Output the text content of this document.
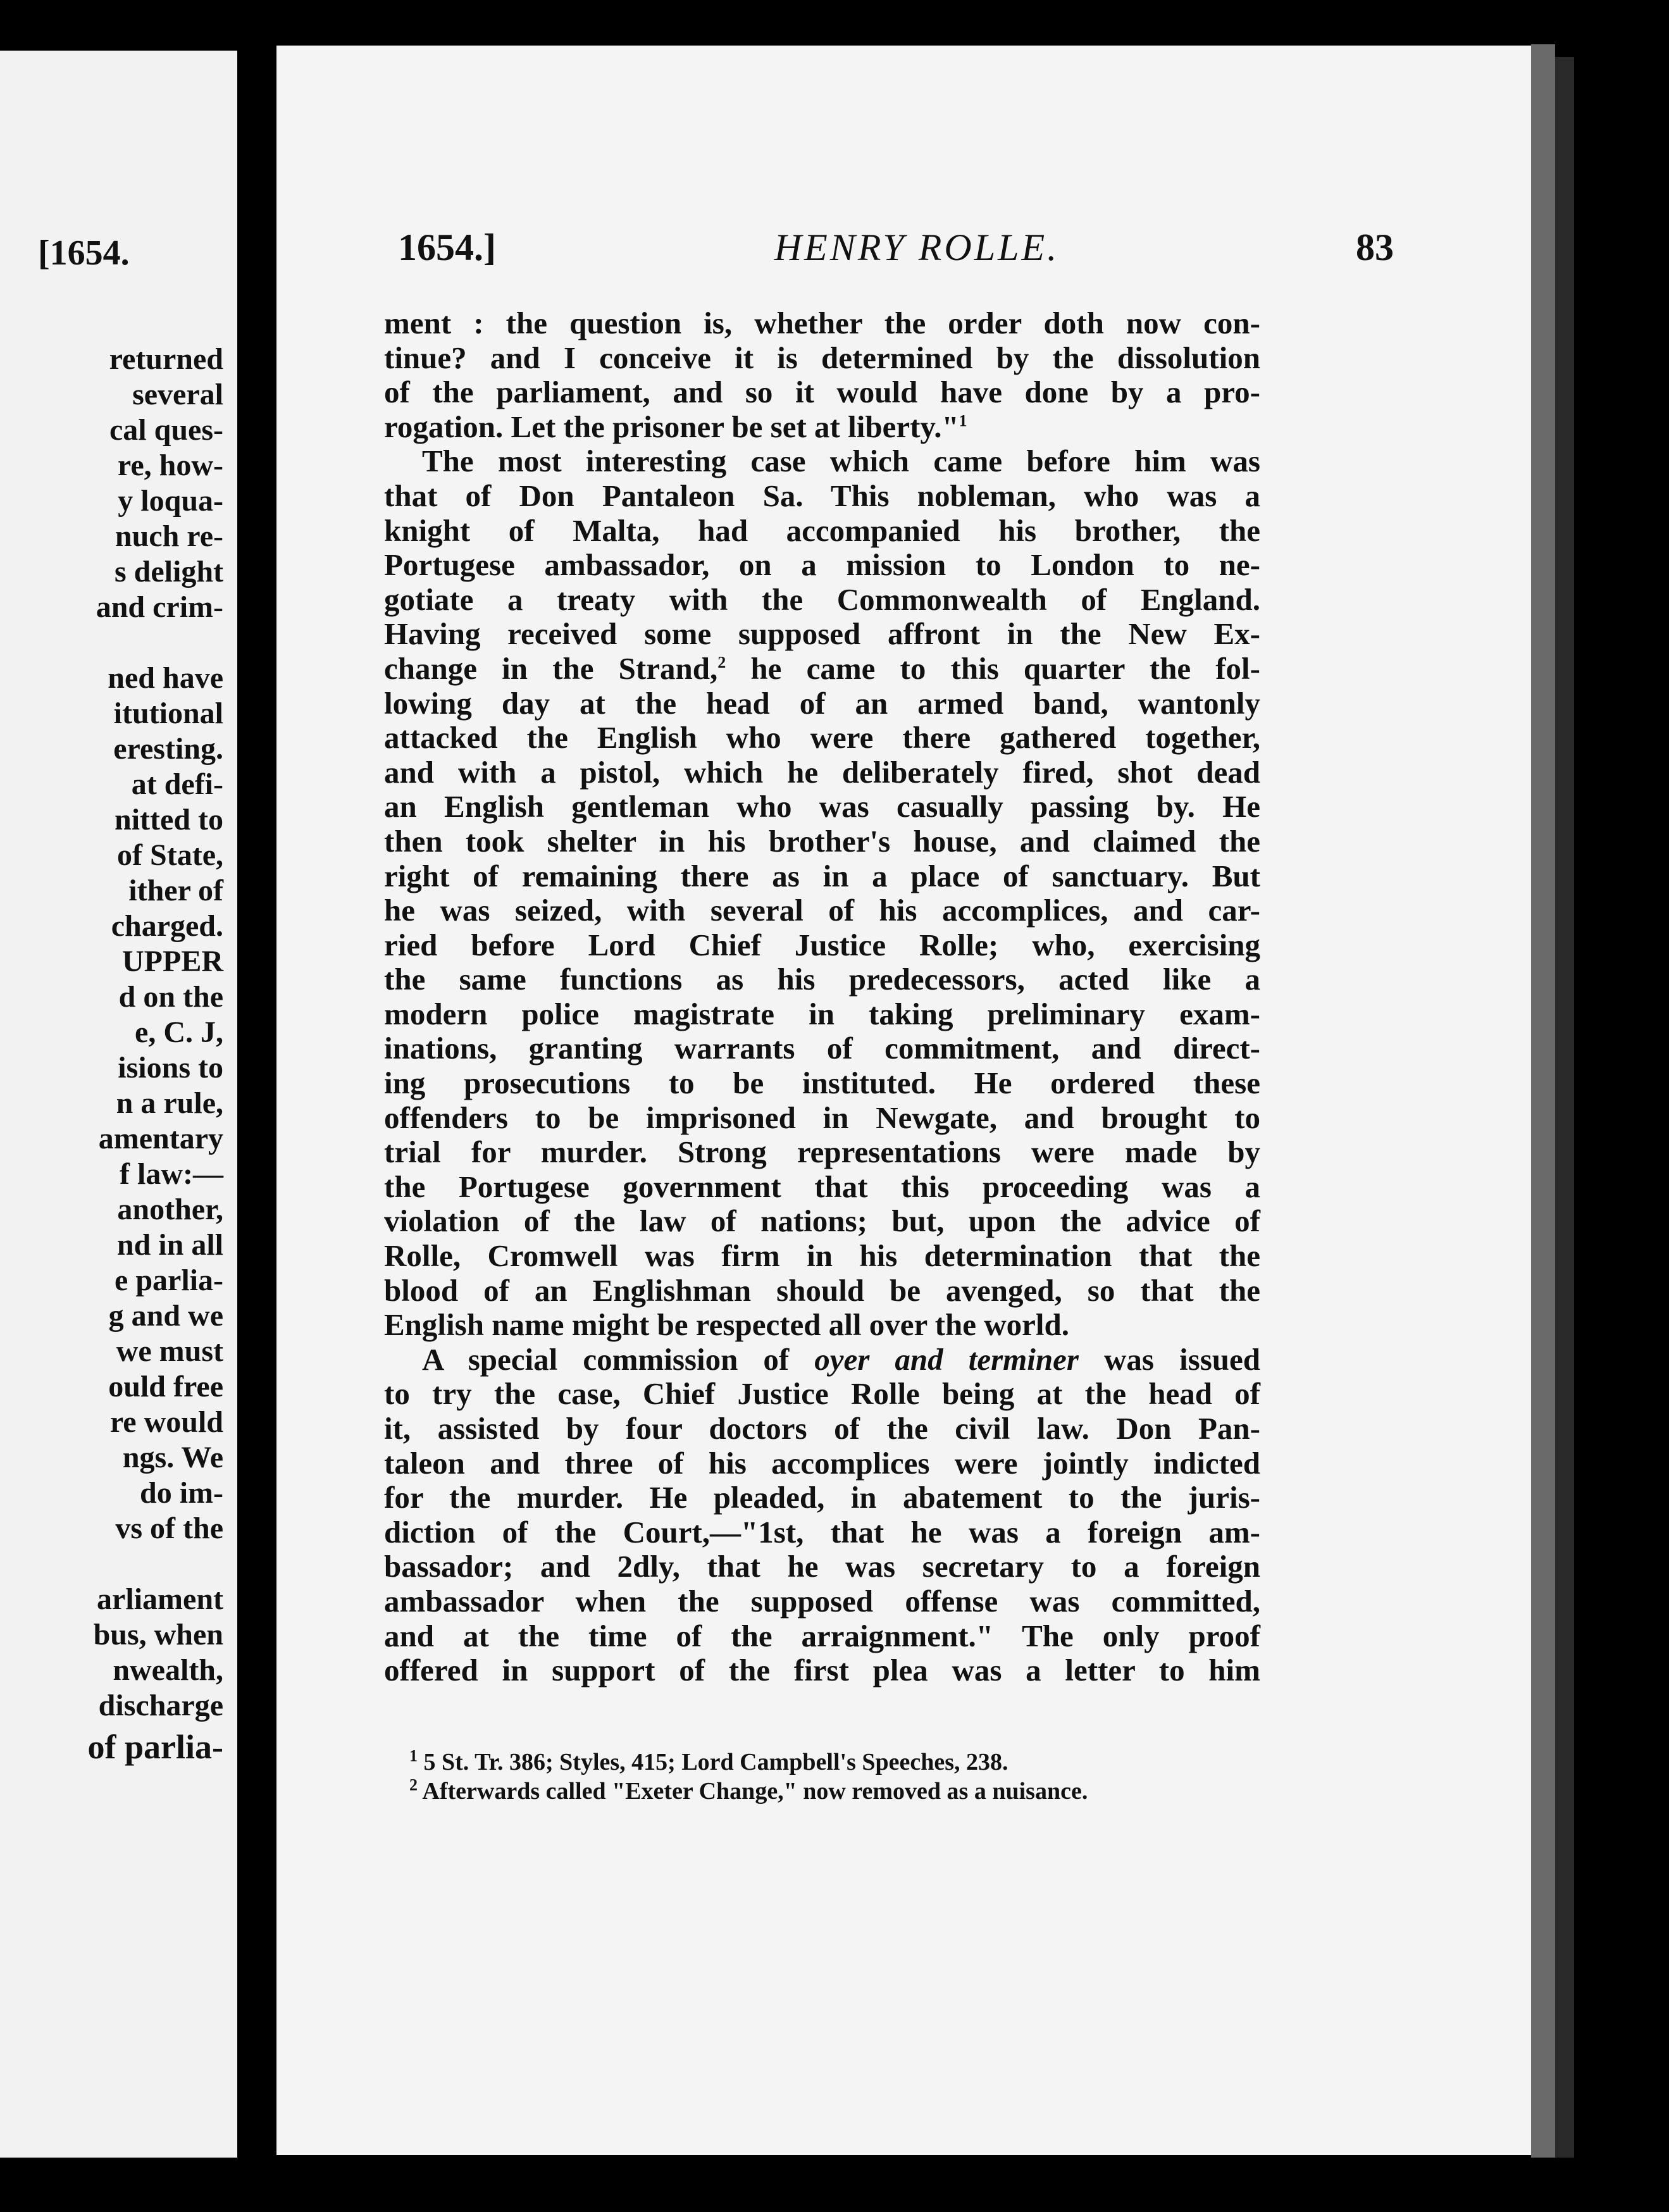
[1654.
returned
several
cal ques-
re, how-
y loqua-
nuch re-
s delight
and crim-
ned have
itutional
eresting.
at defi-
nitted to
of State,
ither of
charged.
UPPER
d on the
e, C. J,
isions to
n a rule,
amentary
f law:—
another,
nd in all
e parlia-
g and we
we must
ould free
re would
ngs. We
do im-
vs of the
arliament
bus, when
nwealth,
discharge
of parlia-
1654.]	HENRY ROLLE.	83
ment : the question is, whether the order doth now con-
tinue? and I conceive it is determined by the dissolution
of the parliament, and so it would have done by a pro-
rogation. Let the prisoner be set at liberty."$^1$
The most interesting case which came before him was
that of Don Pantaleon Sa. This nobleman, who was a
knight of Malta, had accompanied his brother, the
Portugese ambassador, on a mission to London to ne-
gotiate a treaty with the Commonwealth of England.
Having received some supposed affront in the New Ex-
change in the Strand,$^2$ he came to this quarter the fol-
lowing day at the head of an armed band, wantonly
attacked the English who were there gathered together,
and with a pistol, which he deliberately fired, shot dead
an English gentleman who was casually passing by. He
then took shelter in his brother's house, and claimed the
right of remaining there as in a place of sanctuary. But
he was seized, with several of his accomplices, and car-
ried before Lord Chief Justice Rolle; who, exercising
the same functions as his predecessors, acted like a
modern police magistrate in taking preliminary exam-
inations, granting warrants of commitment, and direct-
ing prosecutions to be instituted. He ordered these
offenders to be imprisoned in Newgate, and brought to
trial for murder. Strong representations were made by
the Portugese government that this proceeding was a
violation of the law of nations; but, upon the advice of
Rolle, Cromwell was firm in his determination that the
blood of an Englishman should be avenged, so that the
English name might be respected all over the world.
A special commission of oyer and terminer was issued
to try the case, Chief Justice Rolle being at the head of
it, assisted by four doctors of the civil law. Don Pan-
taleon and three of his accomplices were jointly indicted
for the murder. He pleaded, in abatement to the juris-
diction of the Court,—"1st, that he was a foreign am-
bassador; and 2dly, that he was secretary to a foreign
ambassador when the supposed offense was committed,
and at the time of the arraignment." The only proof
offered in support of the first plea was a letter to him
$^1$ 5 St. Tr. 386; Styles, 415; Lord Campbell's Speeches, 238.
$^2$ Afterwards called "Exeter Change," now removed as a nuisance.
